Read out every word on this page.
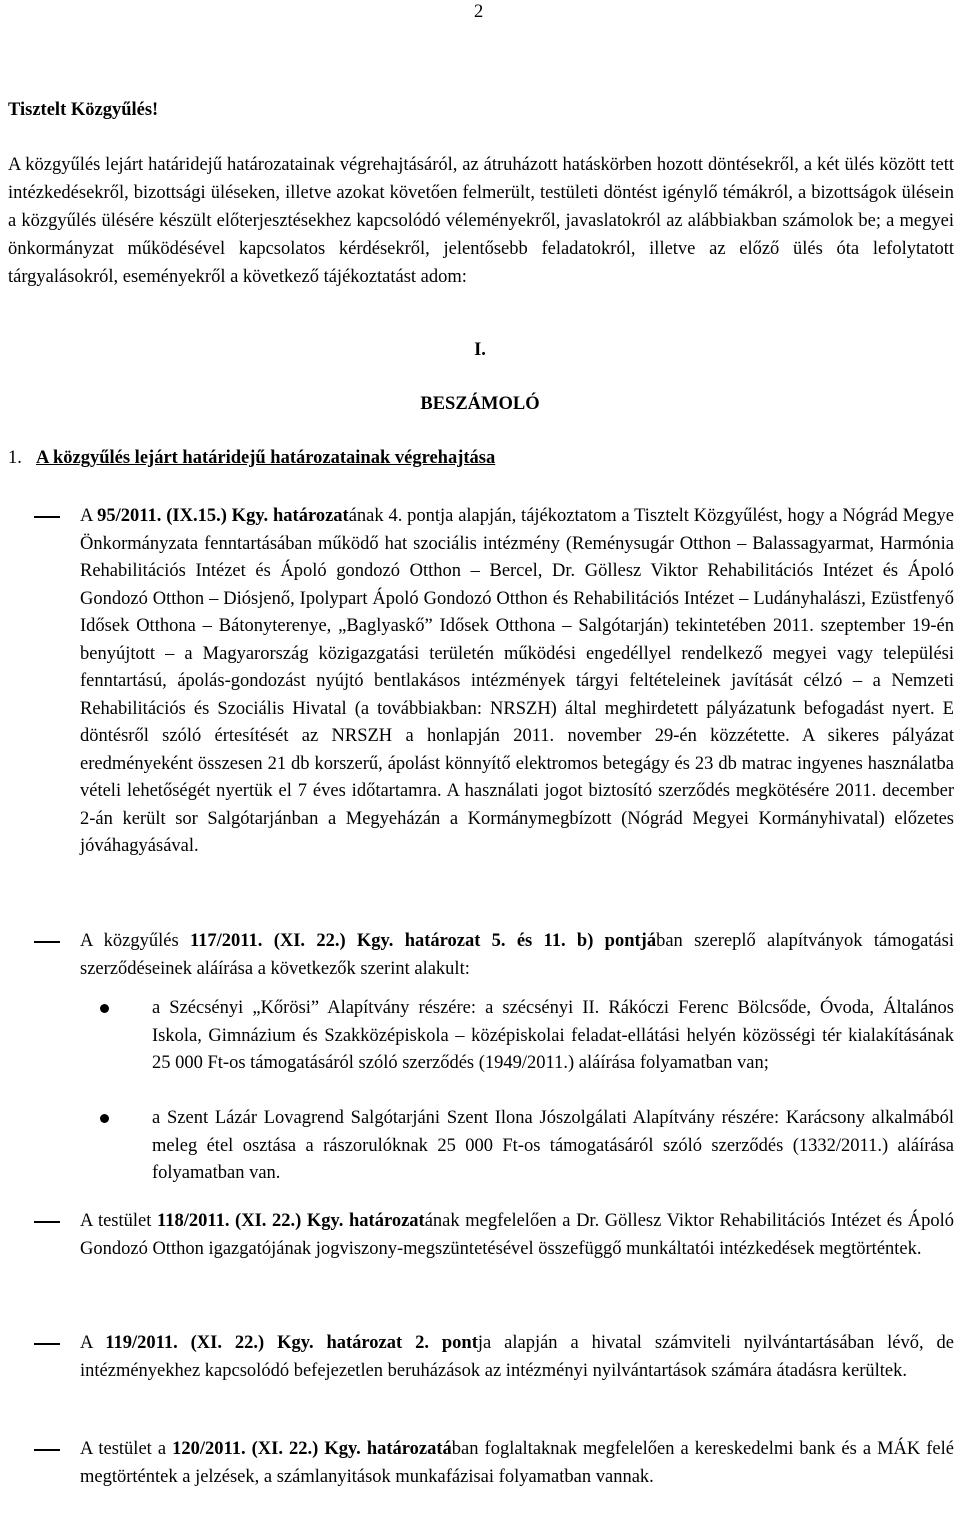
2
Tisztelt Közgyűlés!
A közgyűlés lejárt határidejű határozatainak végrehajtásáról, az átruházott hatáskörben hozott döntésekről, a két ülés között tett intézkedésekről, bizottsági üléseken, illetve azokat követően felmerült, testületi döntést igénylő témákról, a bizottságok ülésein a közgyűlés ülésére készült előterjesztésekhez kapcsolódó véleményekről, javaslatokról az alábbiakban számolok be; a megyei önkormányzat működésével kapcsolatos kérdésekről, jelentősebb feladatokról, illetve az előző ülés óta lefolytatott tárgyalásokról, eseményekről a következő tájékoztatást adom:
I.
BESZÁMOLÓ
1. A közgyűlés lejárt határidejű határozatainak végrehajtása
A 95/2011. (IX.15.) Kgy. határozatának 4. pontja alapján, tájékoztatom a Tisztelt Közgyűlést, hogy a Nógrád Megye Önkormányzata fenntartásában működő hat szociális intézmény (Reménysugár Otthon – Balassagyarmat, Harmónia Rehabilitációs Intézet és Ápoló gondozó Otthon – Bercel, Dr. Göllesz Viktor Rehabilitációs Intézet és Ápoló Gondozó Otthon – Diósjenő, Ipolypart Ápoló Gondozó Otthon és Rehabilitációs Intézet – Ludányhalászi, Ezüstfenyő Idősek Otthona – Bátonyterenye, „Baglyaskő” Idősek Otthona – Salgótarján) tekintetében 2011. szeptember 19-én benyújtott – a Magyarország közigazgatási területén működési engedéllyel rendelkező megyei vagy települési fenntartású, ápolás-gondozást nyújtó bentlakásos intézmények tárgyi feltételeinek javítását célzó – a Nemzeti Rehabilitációs és Szociális Hivatal (a továbbiakban: NRSZH) által meghirdetett pályázatunk befogadást nyert. E döntésről szóló értesítését az NRSZH a honlapján 2011. november 29-én közzétette. A sikeres pályázat eredményeként összesen 21 db korszerű, ápolást könnyítő elektromos betegágy és 23 db matrac ingyenes használatba vételi lehetőségét nyertük el 7 éves időtartamra. A használati jogot biztosító szerződés megkötésére 2011. december 2-án került sor Salgótarjánban a Megyeházán a Kormánymegbízott (Nógrád Megyei Kormányhivatal) előzetes jóváhagyásával.
A közgyűlés 117/2011. (XI. 22.) Kgy. határozat 5. és 11. b) pontjában szereplő alapítványok támogatási szerződéseinek aláírása a következők szerint alakult:
a Szécsényi „Kőrösi” Alapítvány részére: a szécsényi II. Rákóczi Ferenc Bölcsőde, Óvoda, Általános Iskola, Gimnázium és Szakközépiskola – középiskolai feladat-ellátási helyén közösségi tér kialakításának 25 000 Ft-os támogatásáról szóló szerződés (1949/2011.) aláírása folyamatban van;
a Szent Lázár Lovagrend Salgótarjáni Szent Ilona Jószolgálati Alapítvány részére: Karácsony alkalmából meleg étel osztása a rászorulóknak 25 000 Ft-os támogatásáról szóló szerződés (1332/2011.) aláírása folyamatban van.
A testület 118/2011. (XI. 22.) Kgy. határozatának megfelelően a Dr. Göllesz Viktor Rehabilitációs Intézet és Ápoló Gondozó Otthon igazgatójának jogviszony-megszüntetésével összefüggő munkáltatói intézkedések megtörténtek.
A 119/2011. (XI. 22.) Kgy. határozat 2. pontja alapján a hivatal számviteli nyilvántartásában lévő, de intézményekhez kapcsolódó befejezetlen beruházások az intézményi nyilvántartások számára átadásra kerültek.
A testület a 120/2011. (XI. 22.) Kgy. határozatában foglaltaknak megfelelően a kereskedelmi bank és a MÁK felé megtörténtek a jelzések, a számlanyitások munkafázisai folyamatban vannak.
